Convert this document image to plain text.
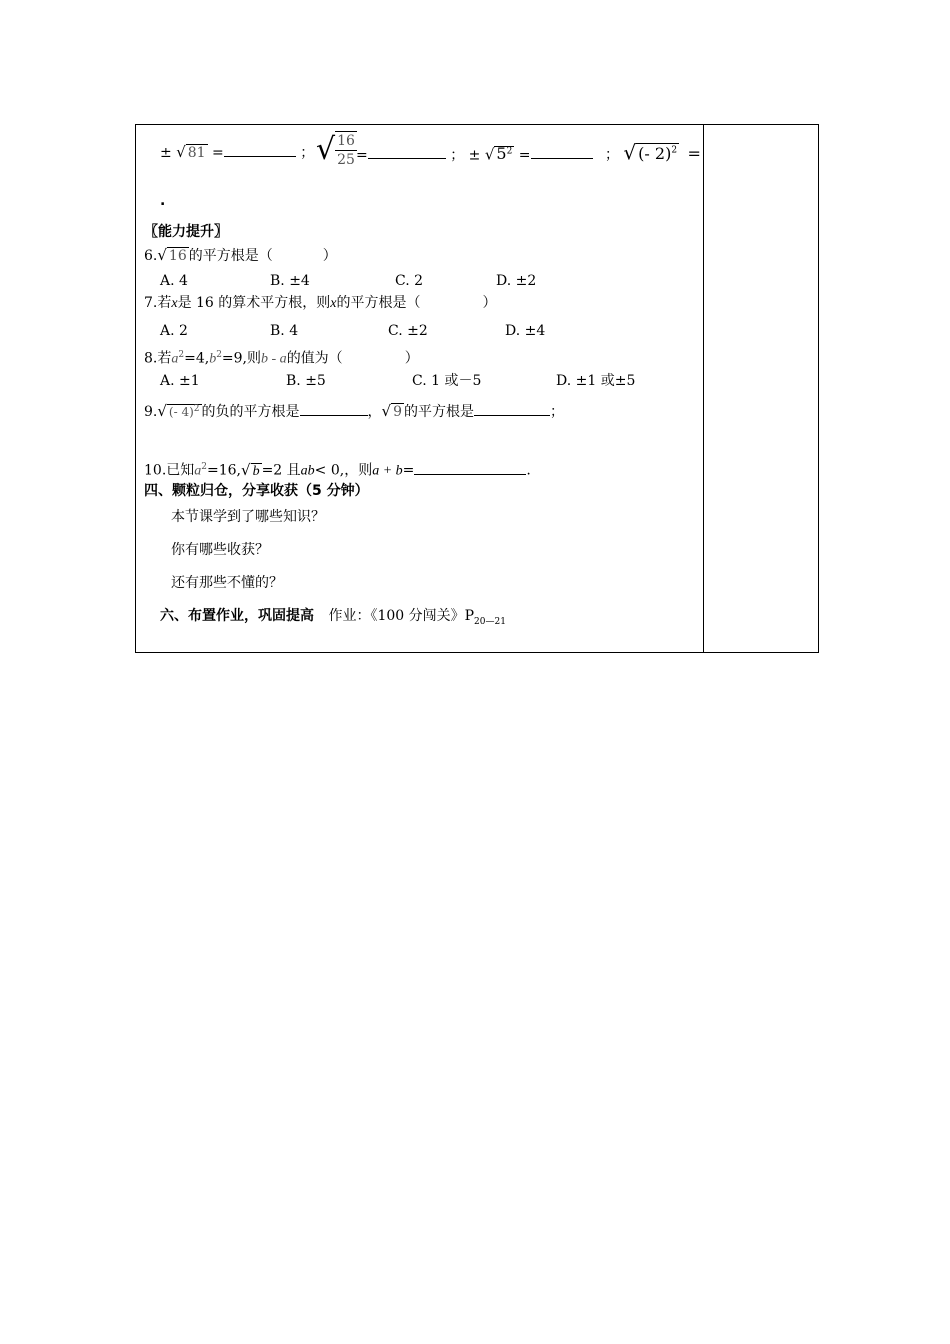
± √ 81 =	； √ $\frac{16}{25}$ =	； ± √ $5^2$ =	； √ (- 2)$^2$ =
.
〖能力提升〗
6.√ 16 的平方根是（	）
A. 4	B. ±4	C. 2	D. ±2
7.若x是 16 的算术平方根，则x的平方根是（	）
A. 2	B. 4	C. ±2	D. ±4
8.若$a^2=4,b^2=9$,则b - a的值为（	）
A. ±1	B. ±5	C. 1 或－5	D. ±1 或±5
9.√ (- 4)$^2$ 的负的平方根是	，√ 9 的平方根是	；
10.已知$a^2=16,√$ b =2 且ab< 0,，则a + b=	.
四、颗粒归仓，分享收获（5 分钟）
本节课学到了哪些知识？
你有哪些收获？
还有那些不懂的？
六、布置作业，巩固提高 作业：《100 分闯关》$P_{20—21}$
